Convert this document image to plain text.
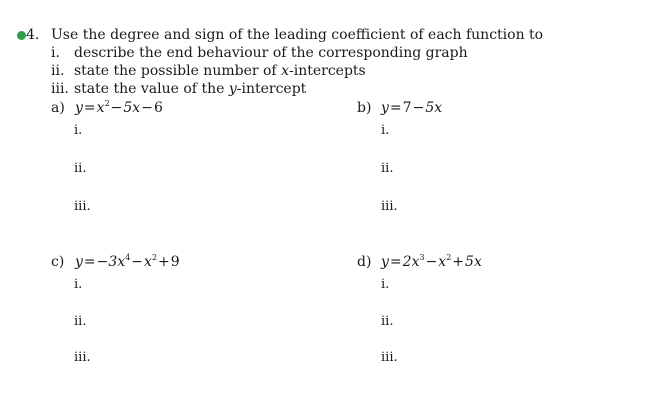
4. Use the degree and sign of the leading coefficient of each function to
i. describe the end behaviour of the corresponding graph
ii. state the possible number of x-intercepts
iii. state the value of the y-intercept
a) $y=x^2-5x-6$
i.
ii.
iii.
b) y=7−5x
i.
ii.
iii.
c) $y=-3x^4-x^2+9$
i.
ii.
iii.
d) $y=2x^3-x^2+5x$
i.
ii.
iii.
